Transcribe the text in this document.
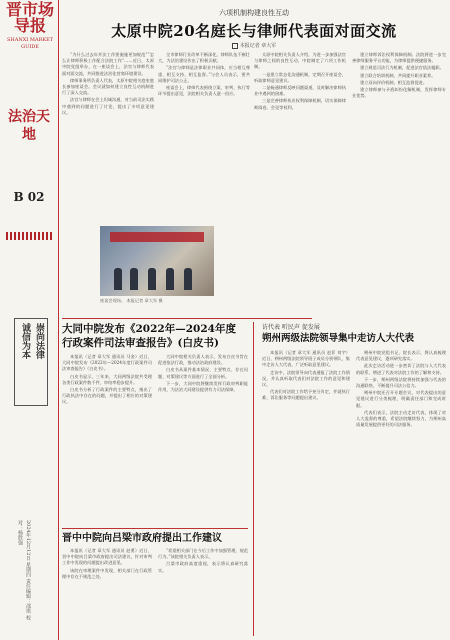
晋市场导报
SHANXI MARKET GUIDE
法治天地
B 02
崇尚法律
诚信为本
2024年12月12日 星期四 责任编辑：邵琪 校对：杨胜强
六项机制构建良性互动
太原中院20名庭长与律师代表面对面交流
本报记者 章大军

“为什么过去年并法工作要施施更加规范”“怎么让律师积极工作配合法院工作”……近日，太原中院党组举办，在一座谈会上，法官与律师代表面对面交流，共同推进法治化营商环境建设。

律师事务所负责人代表，太原中院相关庭室庭长参加座谈会。会议就如何建立良性互动机制进行了深入交流。

法官与律师在会上坦诚沟通，对当前司法实践中遇到的问题进行了讨论，提出了多项意见建议。

全市律师行业改革不断深化，律师队伍不断壮大，为法治建设作出了积极贡献。

“法官与律师是法律职业共同体，应当相互尊重、相互支持、相互监督。”与会人员表示，要共同维护司法公正。

座谈会上，律师代表围绕立案、审判、执行等环节提出意见，法院相关负责人逐一回应。

太原中院相关负责人介绍，为进一步加强法官与律师之间的良性互动，中院制定了六项工作机制。

一是建立常态化沟通机制，定期召开座谈会，听取律师意见建议。

二是畅通律师反映问题渠道，及时解决律师执业中遇到的困难。

三是完善律师执业权利保障机制，切实保障律师阅卷、会见等权利。

建立律师诉讼权利保障机制。法院将进一步完善律师服务平台功能，为律师提供便捷服务。

建立规范司法行为机制，促进法官依法履职。

建立联合培训机制，共同提升职业素养。

建立双向评价机制，相互监督促进。

建立律师参与矛盾纠纷化解机制，发挥律师专业优势。

座谈会现场。 本报记者 章大军 摄
大同中院发布《2022年—2024年度
行政案件司法审查报告》(白皮书)

本报讯（记者 章大军 通讯员 马金）近日，大同中院发布《2022年—2024年度行政案件司法审查报告》（白皮书）。

白皮书显示，三年来，大同两级法院共受理各类行政案件数千件，审结率稳步提升。

白皮书分析了行政案件的主要特点，指出了行政执法中存在的问题，并提出了相应的对策建议。

大同中院相关负责人表示，发布白皮书旨在促进依法行政，推动法治政府建设。

白皮书从案件基本情况、主要特点、存在问题、对策建议等方面进行了全面分析。

下一步，大同中院将继续发挥行政审判职能作用，为法治大同建设提供有力司法保障。

晋中中院向吕梁市政府提出工作建议

本报讯（记者 章大军 通讯员 赵勇）近日，晋中中院向吕梁市政府提出司法建议，针对审判工作中发现的问题提出改进意见。

该院在审理案件中发现，相关部门在行政管理中存在不规范之处。

“希望相关部门在今后工作中加强管理，规范行为。”该院相关负责人表示。

吕梁市政府高度重视，表示将认真研究落实。

访代表 听民声 促发展
朔州两级法院领导集中走访人大代表

本报讯（记者 章大军 通讯员 赵菲 刘宇）近日，朔州两级法院领导班子成员分别带队，集中走访人大代表，广泛听取意见建议。

走访中，法院领导向代表通报了法院工作情况，并认真听取代表们对法院工作的意见和建议。

代表们对法院工作给予充分肯定，并就执行难、诉讼服务等问题提出建议。

朔州中院党组书记、院长表示，将认真梳理代表意见建议，逐项研究落实。

此次走访活动进一步密切了法院与人大代表的联系，增进了代表对法院工作的了解和支持。

下一步，朔州两级法院将持续加强与代表的沟通联络，不断提升司法公信力。

朔州中院还召开专题会议，对代表提出的意见建议进行分类梳理，明确责任部门和完成时限。

代表们表示，法院主动走访代表，体现了对人大监督的尊重，希望法院继续努力，为朔州高质量发展提供更好的司法服务。
